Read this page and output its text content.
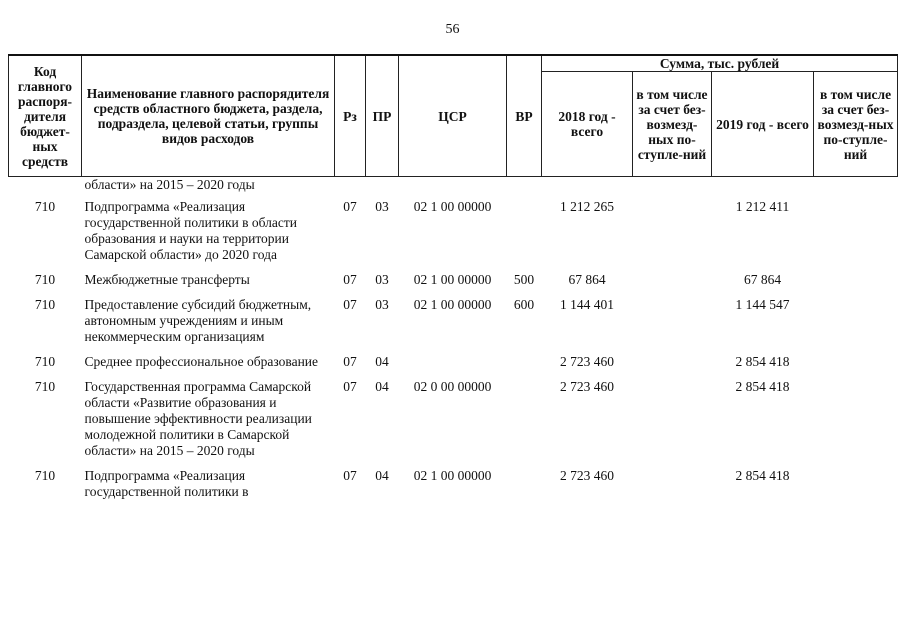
56
Код главного распоря-дителя бюджет-ных средств	Наименование главного распорядителя средств областного бюджета, раздела, подраздела, целевой статьи, группы видов расходов	Рз	ПР	ЦСР	ВР	Сумма, тыс. рублей			
						2018 год - всего	в том числе за счет без-возмезд-ных по-ступле-ний	2019 год - всего	в том числе за счет без-возмезд-ных по-ступле-ний
	области» на 2015 – 2020 годы								
710	Подпрограмма «Реализация государственной политики в области образования и науки на территории Самарской области» до 2020 года	07	03	02 1 00 00000		1 212 265		1 212 411	
710	Межбюджетные трансферты	07	03	02 1 00 00000	500	67 864		67 864	
710	Предоставление субсидий бюджетным, автономным учреждениям и иным некоммерческим организациям	07	03	02 1 00 00000	600	1 144 401		1 144 547	
710	Среднее профессиональное образование	07	04			2 723 460		2 854 418	
710	Государственная программа Самарской области «Развитие образования и повышение эффективности реализации молодежной политики в Самарской области» на 2015 – 2020 годы	07	04	02 0 00 00000		2 723 460		2 854 418	
710	Подпрограмма «Реализация государственной политики в	07	04	02 1 00 00000		2 723 460		2 854 418	
